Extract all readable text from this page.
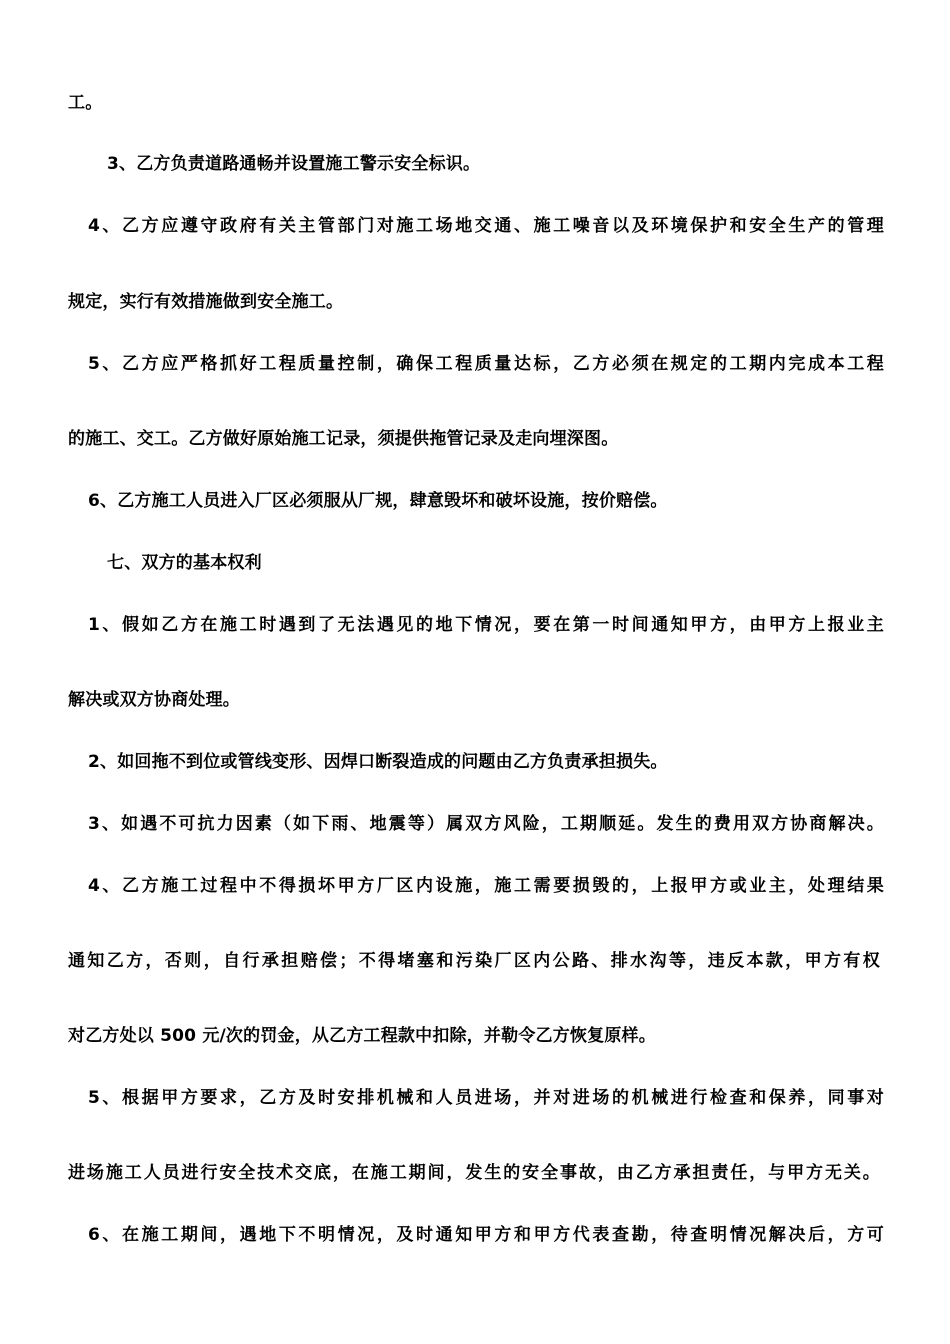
工。
3、乙方负责道路通畅并设置施工警示安全标识。
4、乙方应遵守政府有关主管部门对施工场地交通、施工噪音以及环境保护和安全生产的管理
规定，实行有效措施做到安全施工。
5、乙方应严格抓好工程质量控制，确保工程质量达标，乙方必须在规定的工期内完成本工程
的施工、交工。乙方做好原始施工记录，须提供拖管记录及走向埋深图。
6、乙方施工人员进入厂区必须服从厂规，肆意毁坏和破坏设施，按价赔偿。
七、双方的基本权利
1、假如乙方在施工时遇到了无法遇见的地下情况，要在第一时间通知甲方，由甲方上报业主
解决或双方协商处理。
2、如回拖不到位或管线变形、因焊口断裂造成的问题由乙方负责承担损失。
3、如遇不可抗力因素（如下雨、地震等）属双方风险，工期顺延。发生的费用双方协商解决。
4、乙方施工过程中不得损坏甲方厂区内设施，施工需要损毁的，上报甲方或业主，处理结果
通知乙方，否则，自行承担赔偿；不得堵塞和污染厂区内公路、排水沟等，违反本款，甲方有权
对乙方处以 500 元/次的罚金，从乙方工程款中扣除，并勒令乙方恢复原样。
5、根据甲方要求，乙方及时安排机械和人员进场，并对进场的机械进行检查和保养，同事对
进场施工人员进行安全技术交底，在施工期间，发生的安全事故，由乙方承担责任，与甲方无关。
6、在施工期间，遇地下不明情况，及时通知甲方和甲方代表查勘，待查明情况解决后，方可
